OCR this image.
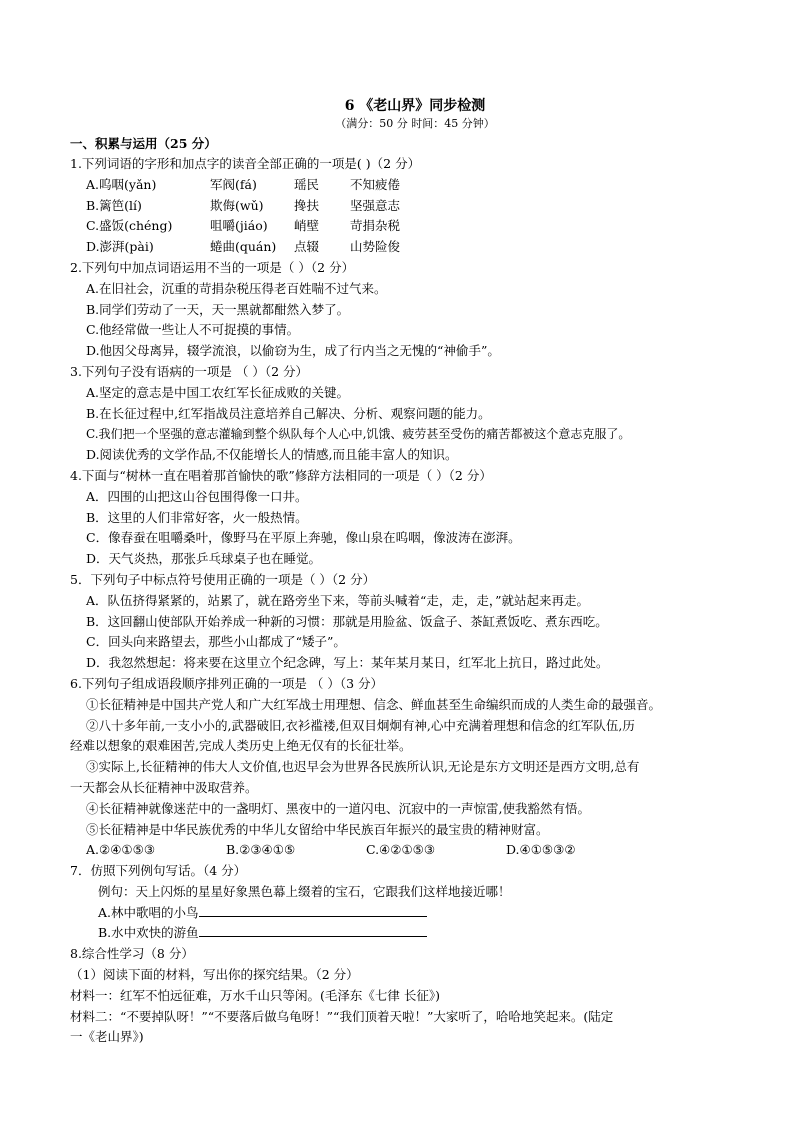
6 《老山界》同步检测
（满分：50 分 时间：45 分钟）
一、积累与运用（25 分）
1.下列词语的字形和加点字的读音全部正确的一项是( )（2 分）
A.呜咽(yǎn)	军阀(fá)	瑶民	不知疲倦
B.篱笆(lí)	欺侮(wǔ)	搀扶	坚强意志
C.盛饭(chéng)	咀嚼(jiáo)	峭壁	苛捐杂税
D.澎湃(pài)	蜷曲(quán)	点辍	山势险俊
2.下列句中加点词语运用不当的一项是（ ）（2 分）
A.在旧社会，沉重的苛捐杂税压得老百姓喘不过气来。
B.同学们劳动了一天，天一黑就都酣然入梦了。
C.他经常做一些让人不可捉摸的事情。
D.他因父母离异，辍学流浪，以偷窃为生，成了行内当之无愧的“神偷手”。
3.下列句子没有语病的一项是 （ ）（2 分）
A.坚定的意志是中国工农红军长征成败的关键。
B.在长征过程中,红军指战员注意培养自己解决、分析、观察问题的能力。
C.我们把一个坚强的意志灌输到整个纵队每个人心中,饥饿、疲劳甚至受伤的痛苦都被这个意志克服了。
D.阅读优秀的文学作品,不仅能增长人的情感,而且能丰富人的知识。
4.下面与“树林一直在唱着那首愉快的歌”修辞方法相同的一项是（ ）（2 分）
A．四围的山把这山谷包围得像一口井。
B．这里的人们非常好客，火一般热情。
C．像春蚕在咀嚼桑叶，像野马在平原上奔驰，像山泉在呜咽，像波涛在澎湃。
D．天气炎热，那张乒乓球桌子也在睡觉。
5．下列句子中标点符号使用正确的一项是（ ）（2 分）
A．队伍挤得紧紧的，站累了，就在路旁坐下来，等前头喊着“走，走，走，”就站起来再走。
B．这回翻山使部队开始养成一种新的习惯：那就是用脸盆、饭盒子、茶缸煮饭吃、煮东西吃。
C．回头向来路望去，那些小山都成了“矮子”。
D．我忽然想起：将来要在这里立个纪念碑，写上：某年某月某日，红军北上抗日，路过此处。
6.下列句子组成语段顺序排列正确的一项是 （ ）（3 分）
①长征精神是中国共产党人和广大红军战士用理想、信念、鲜血甚至生命编织而成的人类生命的最强音。
②八十多年前,一支小小的,武器破旧,衣衫褴褛,但双目炯炯有神,心中充满着理想和信念的红军队伍,历
经难以想象的艰难困苦,完成人类历史上绝无仅有的长征壮举。
③实际上,长征精神的伟大人文价值,也迟早会为世界各民族所认识,无论是东方文明还是西方文明,总有
一天都会从长征精神中汲取营养。
④长征精神就像迷茫中的一盏明灯、黑夜中的一道闪电、沉寂中的一声惊雷,使我豁然有悟。
⑤长征精神是中华民族优秀的中华儿女留给中华民族百年振兴的最宝贵的精神财富。
A.②④①⑤③	B.②③④①⑤	C.④②①⑤③	D.④①⑤③②
7．仿照下列例句写话。（4 分）
例句：天上闪烁的星星好象黑色幕上缀着的宝石，它跟我们这样地接近哪！
A.林中歌唱的小鸟
B.水中欢快的游鱼
8.综合性学习（8 分）
（1）阅读下面的材料，写出你的探究结果。（2 分）
材料一：红军不怕远征难，万水千山只等闲。(毛泽东《七律 长征》)
材料二：“不要掉队呀！”“不要落后做乌龟呀！”“我们顶着天啦！”大家听了，哈哈地笑起来。(陆定
一《老山界》)
